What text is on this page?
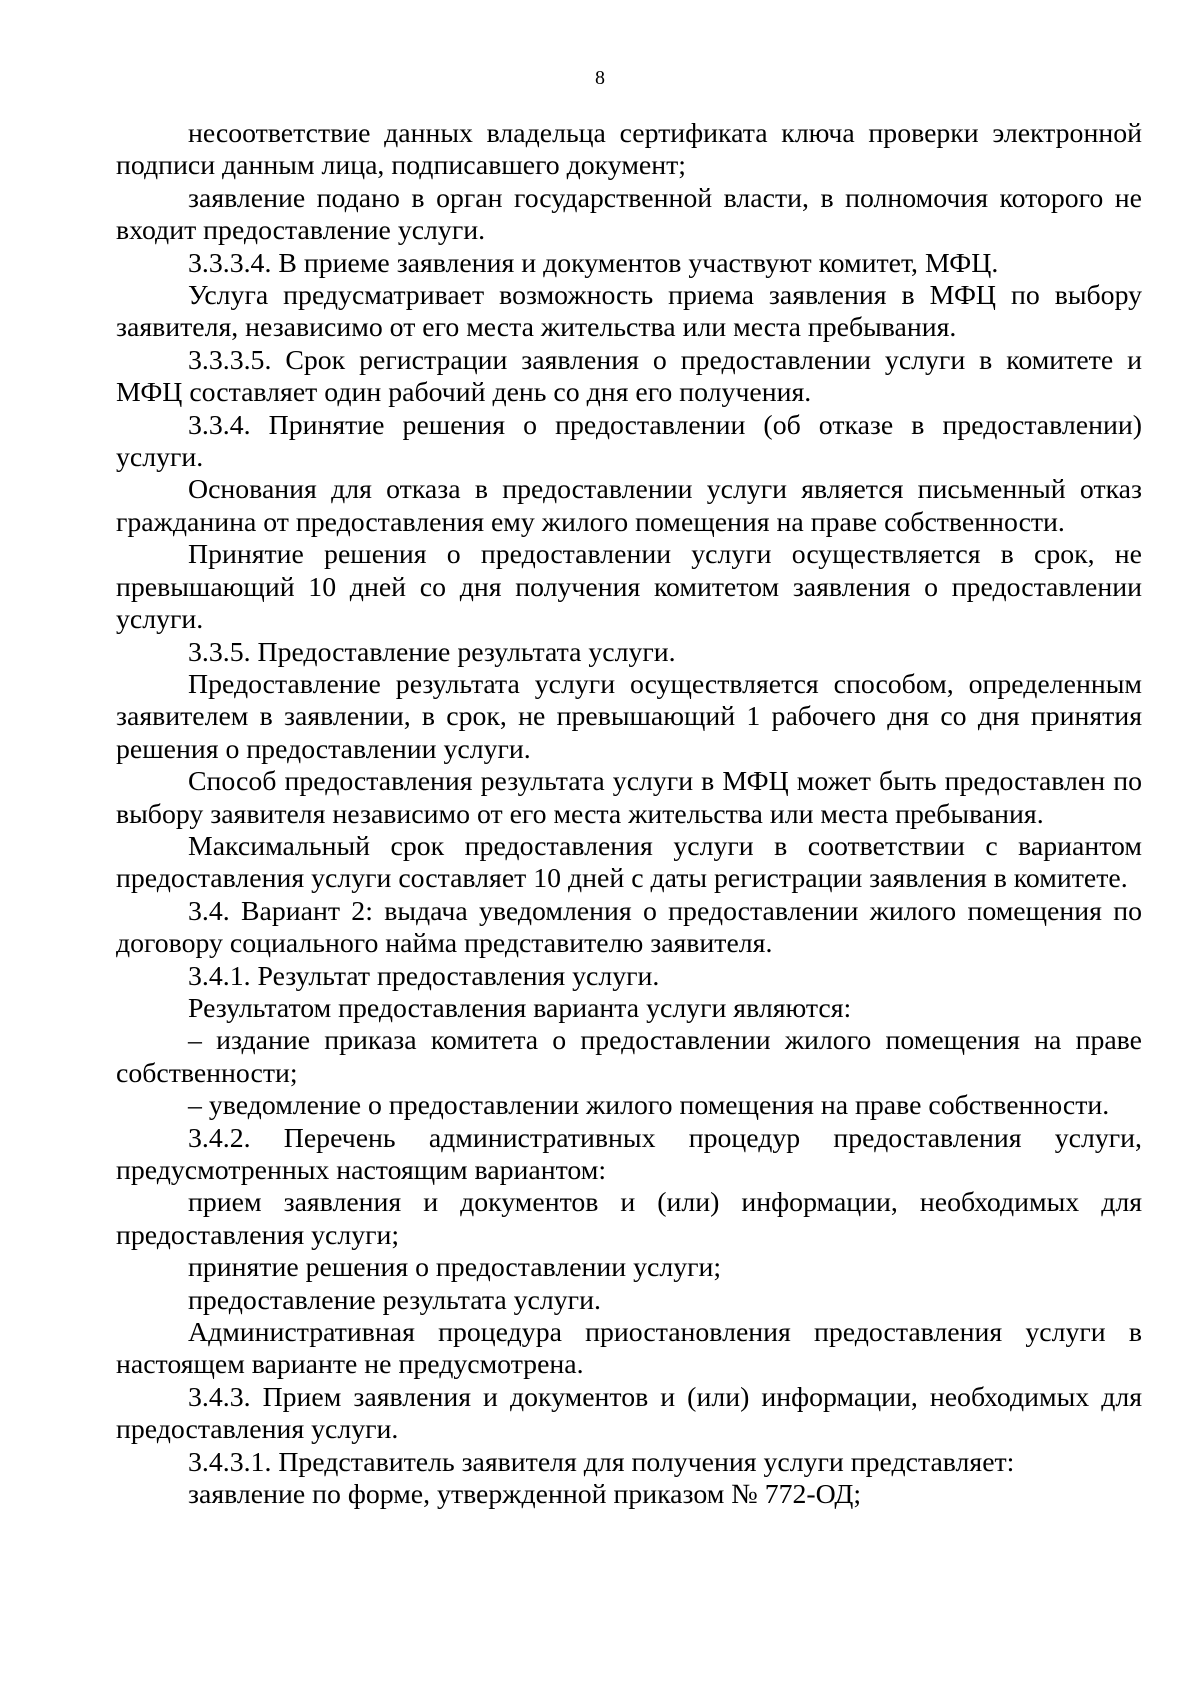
8

несоответствие данных владельца сертификата ключа проверки электронной подписи данным лица, подписавшего документ;

заявление подано в орган государственной власти, в полномочия которого не входит предоставление услуги.

3.3.3.4. В приеме заявления и документов участвуют комитет, МФЦ.

Услуга предусматривает возможность приема заявления в МФЦ по выбору заявителя, независимо от его места жительства или места пребывания.

3.3.3.5. Срок регистрации заявления о предоставлении услуги в комитете и МФЦ составляет один рабочий день со дня его получения.

3.3.4. Принятие решения о предоставлении (об отказе в предоставлении) услуги.

Основания для отказа в предоставлении услуги является письменный отказ гражданина от предоставления ему жилого помещения на праве собственности.

Принятие решения о предоставлении услуги осуществляется в срок, не превышающий 10 дней со дня получения комитетом заявления о предоставлении услуги.

3.3.5. Предоставление результата услуги.

Предоставление результата услуги осуществляется способом, определенным заявителем в заявлении, в срок, не превышающий 1 рабочего дня со дня принятия решения о предоставлении услуги.

Способ предоставления результата услуги в МФЦ может быть предоставлен по выбору заявителя независимо от его места жительства или места пребывания.

Максимальный срок предоставления услуги в соответствии с вариантом предоставления услуги составляет 10 дней с даты регистрации заявления в комитете.

3.4. Вариант 2: выдача уведомления о предоставлении жилого помещения по договору социального найма представителю заявителя.

3.4.1. Результат предоставления услуги.

Результатом предоставления варианта услуги являются:

– издание приказа комитета о предоставлении жилого помещения на праве собственности;

– уведомление о предоставлении жилого помещения на праве собственности.

3.4.2. Перечень административных процедур предоставления услуги, предусмотренных настоящим вариантом:

прием заявления и документов и (или) информации, необходимых для предоставления услуги;

принятие решения о предоставлении услуги;

предоставление результата услуги.

Административная процедура приостановления предоставления услуги в настоящем варианте не предусмотрена.

3.4.3. Прием заявления и документов и (или) информации, необходимых для предоставления услуги.

3.4.3.1. Представитель заявителя для получения услуги представляет:

заявление по форме, утвержденной приказом № 772-ОД;
